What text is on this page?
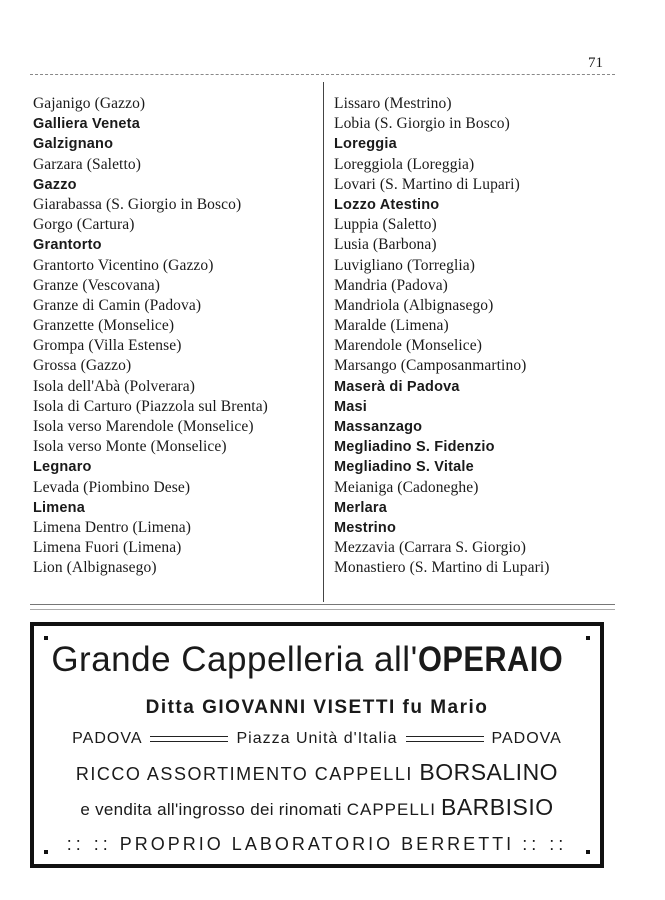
71
Gajanigo (Gazzo)
Galliera Veneta
Galzignano
Garzara (Saletto)
Gazzo
Giarabassa (S. Giorgio in Bosco)
Gorgo (Cartura)
Grantorto
Grantorto Vicentino (Gazzo)
Granze (Vescovana)
Granze di Camin (Padova)
Granzette (Monselice)
Grompa (Villa Estense)
Grossa (Gazzo)
Isola dell'Abà (Polverara)
Isola di Carturo (Piazzola sul Brenta)
Isola verso Marendole (Monselice)
Isola verso Monte (Monselice)
Legnaro
Levada (Piombino Dese)
Limena
Limena Dentro (Limena)
Limena Fuori (Limena)
Lion (Albignasego)
Lissaro (Mestrino)
Lobia (S. Giorgio in Bosco)
Loreggia
Loreggiola (Loreggia)
Lovari (S. Martino di Lupari)
Lozzo Atestino
Luppia (Saletto)
Lusia (Barbona)
Luvigliano (Torreglia)
Mandria (Padova)
Mandriola (Albignasego)
Maralde (Limena)
Marendole (Monselice)
Marsango (Camposanmartino)
Maserà di Padova
Masi
Massanzago
Megliadino S. Fidenzio
Megliadino S. Vitale
Meianiga (Cadoneghe)
Merlara
Mestrino
Mezzavia (Carrara S. Giorgio)
Monastiero (S. Martino di Lupari)
Grande Cappelleria all'OPERAIO
Ditta GIOVANNI VISETTI fu Mario
PADOVA	Piazza Unità d'Italia	PADOVA
RICCO ASSORTIMENTO CAPPELLI BORSALINO
e vendita all'ingrosso dei rinomati CAPPELLI BARBISIO
:: :: PROPRIO LABORATORIO BERRETTI :: ::
